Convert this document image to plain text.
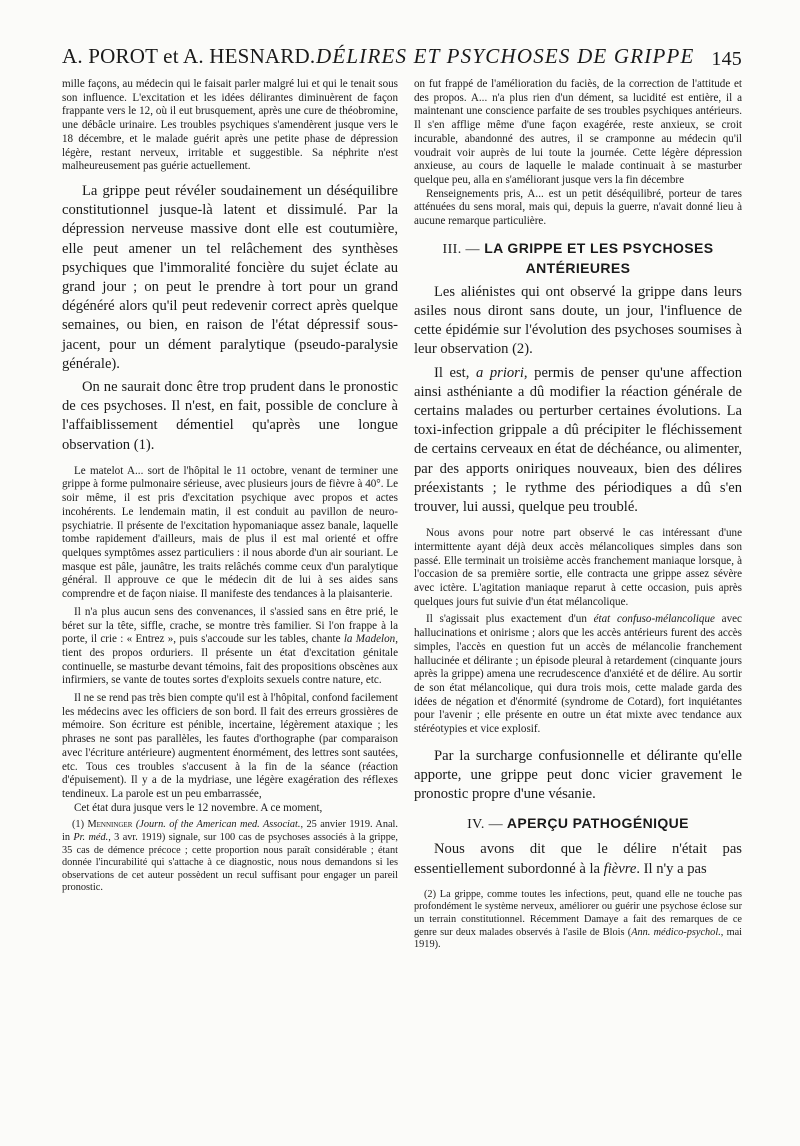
A. POROT et A. HESNARD. DÉLIRES ET PSYCHOSES DE GRIPPE 145

mille façons, au médecin qui le faisait parler malgré lui et qui le tenait sous son influence. L'excitation et les idées délirantes diminuèrent de façon frappante vers le 12, où il eut brusquement, après une cure de théobromine, une débâcle urinaire. Les troubles psychiques s'amendèrent jusque vers le 18 décembre, et le malade guérit après une petite phase de dépression légère, restant nerveux, irritable et suggestible. Sa néphrite n'est malheureusement pas guérie actuellement.

La grippe peut révéler soudainement un déséquilibre constitutionnel jusque-là latent et dissimulé. Par la dépression nerveuse massive dont elle est coutumière, elle peut amener un tel relâchement des synthèses psychiques que l'immoralité foncière du sujet éclate au grand jour ; on peut le prendre à tort pour un grand dégénéré alors qu'il peut redevenir correct après quelque semaines, ou bien, en raison de l'état dépressif sous-jacent, pour un dément paralytique (pseudo-paralysie générale).

On ne saurait donc être trop prudent dans le pronostic de ces psychoses. Il n'est, en fait, possible de conclure à l'affaiblissement démentiel qu'après une longue observation (1).

Le matelot A... sort de l'hôpital le 11 octobre, venant de terminer une grippe à forme pulmonaire sérieuse, avec plusieurs jours de fièvre à 40°. Le soir même, il est pris d'excitation psychique avec propos et actes incohérents. Le lendemain matin, il est conduit au pavillon de neuro-psychiatrie. Il présente de l'excitation hypomaniaque assez banale, laquelle tombe rapidement d'ailleurs, mais de plus il est mal orienté et offre quelques symptômes assez particuliers : il nous aborde d'un air souriant. Le masque est pâle, jaunâtre, les traits relâchés comme ceux d'un paralytique général. Il approuve ce que le médecin dit de lui à ses aides sans comprendre et de façon niaise. Il manifeste des tendances à la plaisanterie.

Il n'a plus aucun sens des convenances, il s'assied sans en être prié, le béret sur la tête, siffle, crache, se montre très familier. Si l'on frappe à la porte, il crie : « Entrez », puis s'accoude sur les tables, chante la Madelon, tient des propos orduriers. Il présente un état d'excitation génitale continuelle, se masturbe devant témoins, fait des propositions obscènes aux infirmiers, se vante de toutes sortes d'exploits sexuels contre nature, etc.

Il ne se rend pas très bien compte qu'il est à l'hôpital, confond facilement les médecins avec les officiers de son bord. Il fait des erreurs grossières de mémoire. Son écriture est pénible, incertaine, légèrement ataxique ; les phrases ne sont pas parallèles, les fautes d'orthographe (par comparaison avec l'écriture antérieure) augmentent énormément, des lettres sont sautées, etc. Tous ces troubles s'accusent à la fin de la séance (réaction d'épuisement). Il y a de la mydriase, une légère exagération des réflexes tendineux. La parole est un peu embarrassée,

Cet état dura jusque vers le 12 novembre. A ce moment,

(1) Menninger (Journ. of the American med. Associat., 25 anvier 1919. Anal. in Pr. méd., 3 avr. 1919) signale, sur 100 cas de psychoses associés à la grippe, 35 cas de démence précoce ; cette proportion nous paraît considérable ; étant donnée l'incurabilité qui s'attache à ce diagnostic, nous nous demandons si les observations de cet auteur possèdent un recul suffisant pour engager un pareil pronostic.

on fut frappé de l'amélioration du faciès, de la correction de l'attitude et des propos. A... n'a plus rien d'un dément, sa lucidité est entière, il a maintenant une conscience parfaite de ses troubles psychiques antérieurs. Il s'en afflige même d'une façon exagérée, reste anxieux, se croit incurable, abandonné des autres, il se cramponne au médecin qu'il voudrait voir auprès de lui toute la journée. Cette légère dépression anxieuse, au cours de laquelle le malade continuait à se masturber quelque peu, alla en s'améliorant jusque vers la fin décembre

Renseignements pris, A... est un petit déséquilibré, porteur de tares atténuées du sens moral, mais qui, depuis la guerre, n'avait donné lieu à aucune remarque particulière.

III. — LA GRIPPE ET LES PSYCHOSES ANTÉRIEURES

Les aliénistes qui ont observé la grippe dans leurs asiles nous diront sans doute, un jour, l'influence de cette épidémie sur l'évolution des psychoses soumises à leur observation (2).

Il est, a priori, permis de penser qu'une affection ainsi asthéniante a dû modifier la réaction générale de certains malades ou perturber certaines évolutions. La toxi-infection grippale a dû précipiter le fléchissement de certains cerveaux en état de déchéance, ou alimenter, par des apports oniriques nouveaux, bien des délires préexistants ; le rythme des périodiques a dû s'en trouver, lui aussi, quelque peu troublé.

Nous avons pour notre part observé le cas intéressant d'une intermittente ayant déjà deux accès mélancoliques simples dans son passé. Elle terminait un troisième accès franchement maniaque lorsque, à l'occasion de sa première sortie, elle contracta une grippe assez sévère avec ictère. L'agitation maniaque reparut à cette occasion, puis après quelques jours fut suivie d'un état mélancolique.

Il s'agissait plus exactement d'un état confuso-mélancolique avec hallucinations et onirisme ; alors que les accès antérieurs furent des accès simples, l'accès en question fut un accès de mélancolie franchement hallucinée et délirante ; un épisode pleural à retardement (cinquante jours après la grippe) amena une recrudescence d'anxiété et de délire. Au sortir de son état mélancolique, qui dura trois mois, cette malade garda des idées de négation et d'énormité (syndrome de Cotard), fort inquiétantes pour l'avenir ; elle présente en outre un état mixte avec tendance aux stéréotypies et vice explosif.

Par la surcharge confusionnelle et délirante qu'elle apporte, une grippe peut donc vicier gravement le pronostic propre d'une vésanie.

IV. — APERÇU PATHOGÉNIQUE

Nous avons dit que le délire n'était pas essentiellement subordonné à la fièvre. Il n'y a pas

(2) La grippe, comme toutes les infections, peut, quand elle ne touche pas profondément le système nerveux, améliorer ou guérir une psychose éclose sur un terrain constitutionnel. Récemment Damaye a fait des remarques de ce genre sur deux malades observés à l'asile de Blois (Ann. médico-psychol., mai 1919).
